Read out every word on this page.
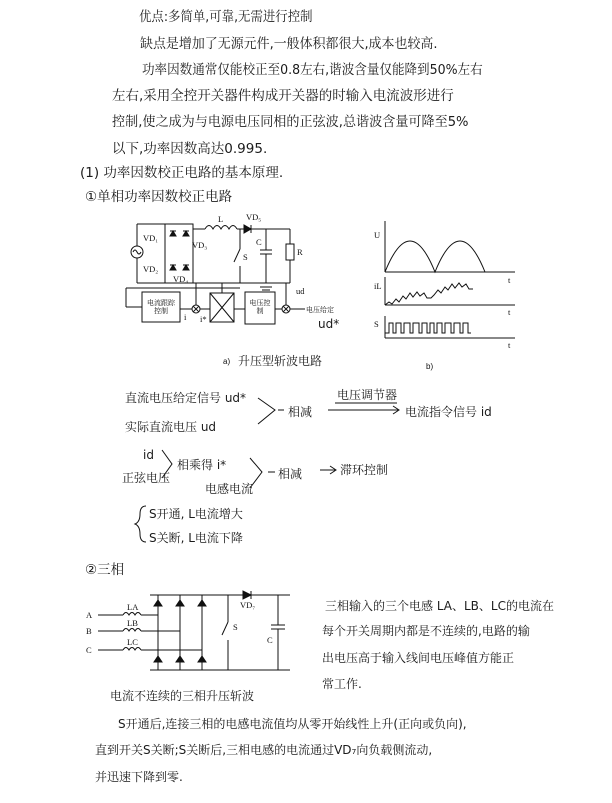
优点:多简单,可靠,无需进行控制
缺点是增加了无源元件,一般体积都很大,成本也较高.
功率因数通常仅能校正至0.8左右,谐波含量仅能降到50%左右
左右,采用全控开关器件构成开关器的时输入电流波形进行
控制,使之成为与电源电压同相的正弦波,总谐波含量可降至5%
以下,功率因数高达0.995.
(1) 功率因数校正电路的基本原理.
①单相功率因数校正电路
VD₁
VD₃
VD₂
VD₄
L	VD₅
S
C
R
ud
电流跟踪控制
电压控制	电压给定
ud*
i i*
U
t
iL
t
S
t
a) 升压型斩波电路	b)
直流电压给定信号 ud*
实际直流电压 ud
相减
电压调节器
电流指令信号 id
id
正弦电压
相乘得 i*
电感电流
相减	滞环控制
S开通, L电流增大
S关断, L电流下降
②三相
A
B
C
LA
LB
LC
VD₇
S
C
电流不连续的三相升压斩波
三相输入的三个电感 LA、LB、LC的电流在
每个开关周期内都是不连续的,电路的输
出电压高于输入线间电压峰值方能正
常工作.
S开通后,连接三相的电感电流值均从零开始线性上升(正向或负向),
直到开关S关断;S关断后,三相电感的电流通过VD₇向负载侧流动,
并迅速下降到零.
